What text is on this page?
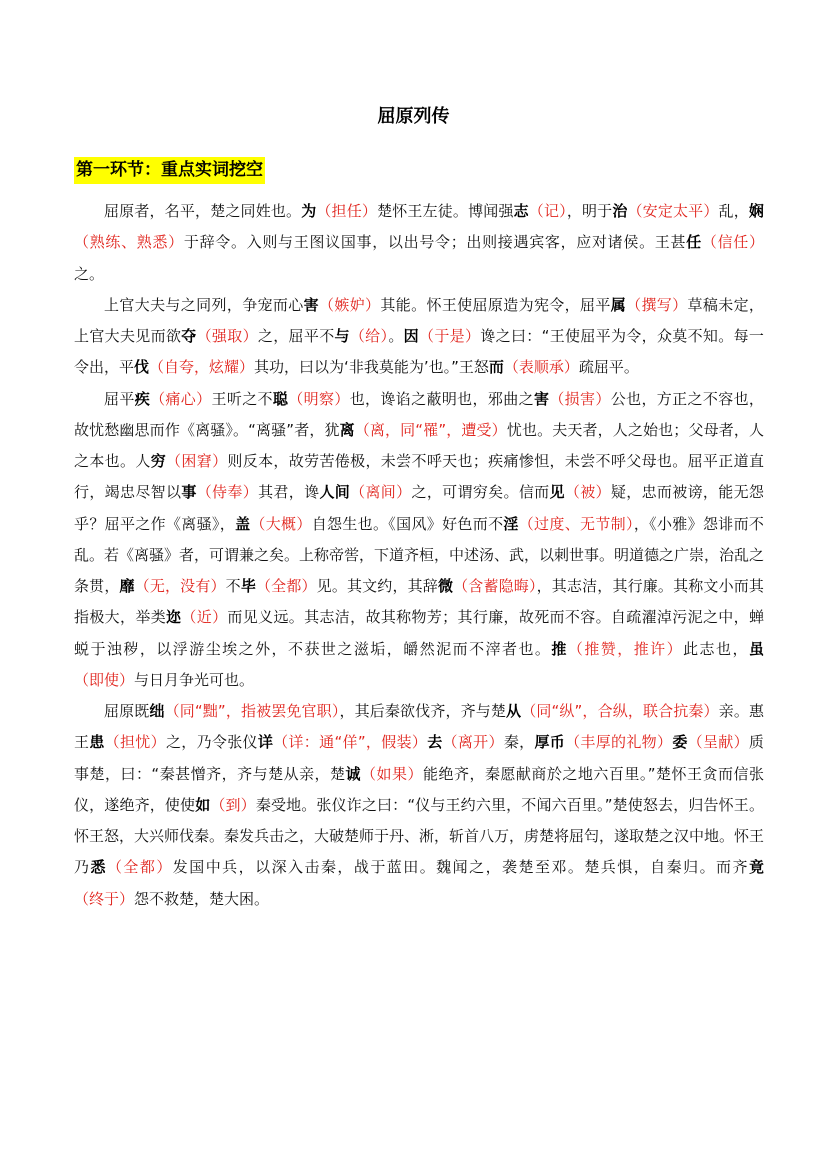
屈原列传
第一环节：重点实词挖空

屈原者，名平，楚之同姓也。为（担任）楚怀王左徒。博闻强志（记），明于治（安定太平）乱，娴（熟练、熟悉）于辞令。入则与王图议国事，以出号令；出则接遇宾客，应对诸侯。王甚任（信任）之。

上官大夫与之同列，争宠而心害（嫉妒）其能。怀王使屈原造为宪令，屈平属（撰写）草稿未定，上官大夫见而欲夺（强取）之，屈平不与（给）。因（于是）谗之曰：“王使屈平为令，众莫不知。每一令出，平伐（自夸，炫耀）其功，曰以为‘非我莫能为’也。”王怒而（表顺承）疏屈平。

屈平疾（痛心）王听之不聪（明察）也，谗谄之蔽明也，邪曲之害（损害）公也，方正之不容也，故忧愁幽思而作《离骚》。“离骚”者，犹离（离，同“罹”，遭受）忧也。夫天者，人之始也；父母者，人之本也。人穷（困窘）则反本，故劳苦倦极，未尝不呼天也；疾痛惨怛，未尝不呼父母也。屈平正道直行，竭忠尽智以事（侍奉）其君，谗人间（离间）之，可谓穷矣。信而见（被）疑，忠而被谤，能无怨乎？屈平之作《离骚》，盖（大概）自怨生也。《国风》好色而不淫（过度、无节制），《小雅》怨诽而不乱。若《离骚》者，可谓兼之矣。上称帝喾，下道齐桓，中述汤、武，以刺世事。明道德之广崇，治乱之条贯，靡（无，没有）不毕（全都）见。其文约，其辞微（含蓄隐晦），其志洁，其行廉。其称文小而其指极大，举类迩（近）而见义远。其志洁，故其称物芳；其行廉，故死而不容。自疏濯淖污泥之中，蝉蜕于浊秽，以浮游尘埃之外，不获世之滋垢，皭然泥而不滓者也。推（推赞，推许）此志也，虽（即使）与日月争光可也。

屈原既绌（同“黜”，指被罢免官职），其后秦欲伐齐，齐与楚从（同“纵”，合纵，联合抗秦）亲。惠王患（担忧）之，乃令张仪详（详：通“佯”，假装）去（离开）秦，厚币（丰厚的礼物）委（呈献）质事楚，曰：“秦甚憎齐，齐与楚从亲，楚诚（如果）能绝齐，秦愿献商於之地六百里。”楚怀王贪而信张仪，遂绝齐，使使如（到）秦受地。张仪诈之曰：“仪与王约六里，不闻六百里。”楚使怒去，归告怀王。怀王怒，大兴师伐秦。秦发兵击之，大破楚师于丹、淅，斩首八万，虏楚将屈匄，遂取楚之汉中地。怀王乃悉（全都）发国中兵，以深入击秦，战于蓝田。魏闻之，袭楚至邓。楚兵惧，自秦归。而齐竟（终于）怨不救楚，楚大困。
